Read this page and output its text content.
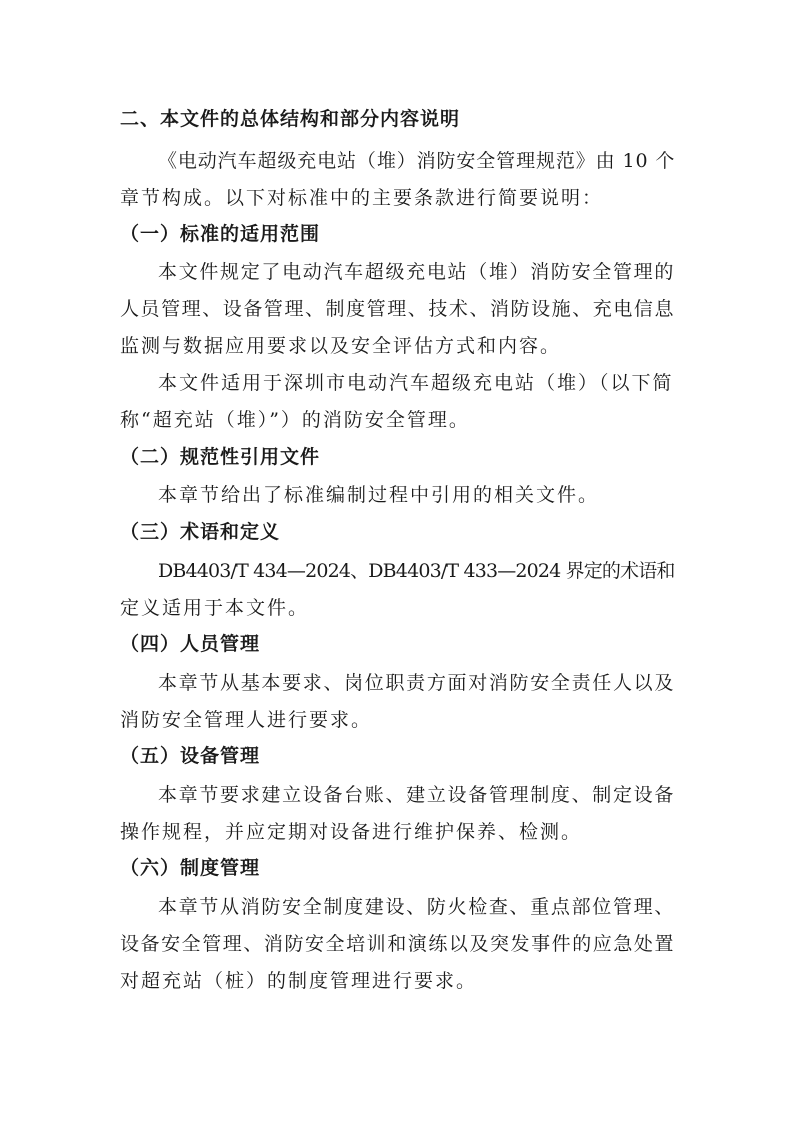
二、本文件的总体结构和部分内容说明
《电动汽车超级充电站（堆）消防安全管理规范》由 10 个
章节构成。以下对标准中的主要条款进行简要说明：
（一）标准的适用范围
本文件规定了电动汽车超级充电站（堆）消防安全管理的
人员管理、设备管理、制度管理、技术、消防设施、充电信息
监测与数据应用要求以及安全评估方式和内容。
本文件适用于深圳市电动汽车超级充电站（堆）（以下简
称“超充站（堆）”）的消防安全管理。
（二）规范性引用文件
本章节给出了标准编制过程中引用的相关文件。
（三）术语和定义
DB4403/T 434—2024、DB4403/T 433—2024 界定的术语和
定义适用于本文件。
（四）人员管理
本章节从基本要求、岗位职责方面对消防安全责任人以及
消防安全管理人进行要求。
（五）设备管理
本章节要求建立设备台账、建立设备管理制度、制定设备
操作规程，并应定期对设备进行维护保养、检测。
（六）制度管理
本章节从消防安全制度建设、防火检查、重点部位管理、
设备安全管理、消防安全培训和演练以及突发事件的应急处置
对超充站（桩）的制度管理进行要求。
